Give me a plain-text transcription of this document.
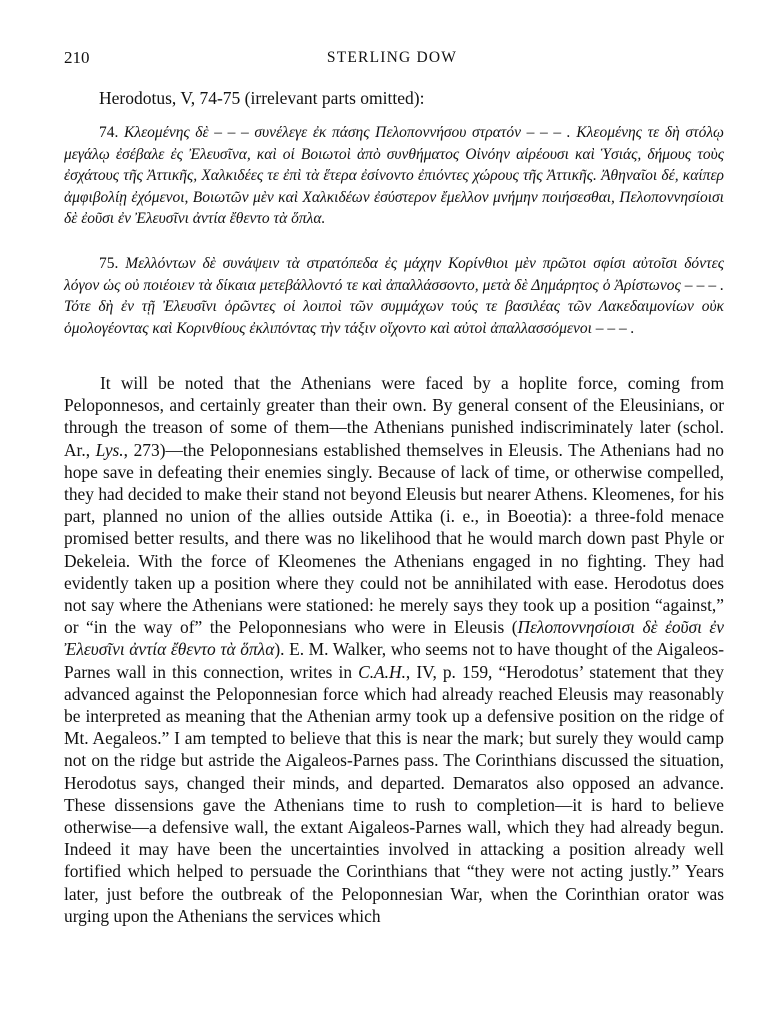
210	STERLING DOW
Herodotus, V, 74-75 (irrelevant parts omitted):
74. Κλεομένης δὲ – – – συνέλεγε ἐκ πάσης Πελοποννήσου στρατόν – – – . Κλεομένης τε δὴ στόλῳ μεγάλῳ ἐσέβαλε ἐς Ἐλευσῖνα, καὶ οἱ Βοιωτοὶ ἀπὸ συνθήματος Οἰνόην αἱρέουσι καὶ Ὑσιάς, δήμους τοὺς ἐσχάτους τῆς Ἀττικῆς, Χαλκιδέες τε ἐπὶ τὰ ἕτερα ἐσίνοντο ἐπιόντες χώρους τῆς Ἀττικῆς. Ἀθηναῖοι δέ, καίπερ ἀμφιβολίῃ ἐχόμενοι, Βοιωτῶν μὲν καὶ Χαλκιδέων ἐσύστερον ἔμελλον μνήμην ποιήσεσθαι, Πελοποννησίοισι δὲ ἐοῦσι ἐν Ἐλευσῖνι ἀντία ἔθεντο τὰ ὅπλα.
75. Μελλόντων δὲ συνάψειν τὰ στρατόπεδα ἐς μάχην Κορίνθιοι μὲν πρῶτοι σφίσι αὐτοῖσι δόντες λόγον ὡς οὐ ποιέοιεν τὰ δίκαια μετεβάλλοντό τε καὶ ἀπαλλάσσοντο, μετὰ δὲ Δημάρητος ὁ Ἀρίστωνος – – – . Τότε δὴ ἐν τῇ Ἐλευσῖνι ὁρῶντες οἱ λοιποὶ τῶν συμμάχων τούς τε βασιλέας τῶν Λακεδαιμονίων οὐκ ὁμολογέοντας καὶ Κορινθίους ἐκλιπόντας τὴν τάξιν οἴχοντο καὶ αὐτοὶ ἀπαλλασσόμενοι – – – .
It will be noted that the Athenians were faced by a hoplite force, coming from Peloponnesos, and certainly greater than their own. By general consent of the Eleusinians, or through the treason of some of them—the Athenians punished indiscriminately later (schol. Ar., Lys., 273)—the Peloponnesians established themselves in Eleusis. The Athenians had no hope save in defeating their enemies singly. Because of lack of time, or otherwise compelled, they had decided to make their stand not beyond Eleusis but nearer Athens. Kleomenes, for his part, planned no union of the allies outside Attika (i. e., in Boeotia): a three-fold menace promised better results, and there was no likelihood that he would march down past Phyle or Dekeleia. With the force of Kleomenes the Athenians engaged in no fighting. They had evidently taken up a position where they could not be annihilated with ease. Herodotus does not say where the Athenians were stationed: he merely says they took up a position “against,” or “in the way of” the Peloponnesians who were in Eleusis (Πελοποννησίοισι δὲ ἐοῦσι ἐν Ἐλευσῖνι ἀντία ἔθεντο τὰ ὅπλα). E. M. Walker, who seems not to have thought of the Aigaleos-Parnes wall in this connection, writes in C.A.H., IV, p. 159, “Herodotus’ statement that they advanced against the Peloponnesian force which had already reached Eleusis may reasonably be interpreted as meaning that the Athenian army took up a defensive position on the ridge of Mt. Aegaleos.” I am tempted to believe that this is near the mark; but surely they would camp not on the ridge but astride the Aigaleos-Parnes pass. The Corinthians discussed the situation, Herodotus says, changed their minds, and departed. Demaratos also opposed an advance. These dissensions gave the Athenians time to rush to completion—it is hard to believe otherwise—a defensive wall, the extant Aigaleos-Parnes wall, which they had already begun. Indeed it may have been the uncertainties involved in attacking a position already well fortified which helped to persuade the Corinthians that “they were not acting justly.” Years later, just before the outbreak of the Peloponnesian War, when the Corinthian orator was urging upon the Athenians the services which
